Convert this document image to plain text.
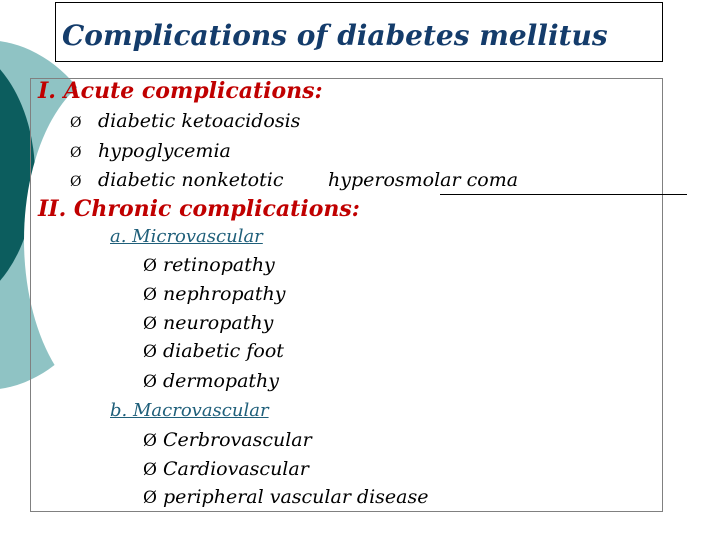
Complications of diabetes mellitus
I. Acute complications:
Ø diabetic ketoacidosis
Ø hypoglycemia
Ø diabetic nonketotic hyperosmolar coma
II. Chronic complications:
a. Microvascular
Ø retinopathy
Ø nephropathy
Ø neuropathy
Ø diabetic foot
Ø dermopathy
b. Macrovascular
Ø Cerbrovascular
Ø Cardiovascular
Ø peripheral vascular disease
